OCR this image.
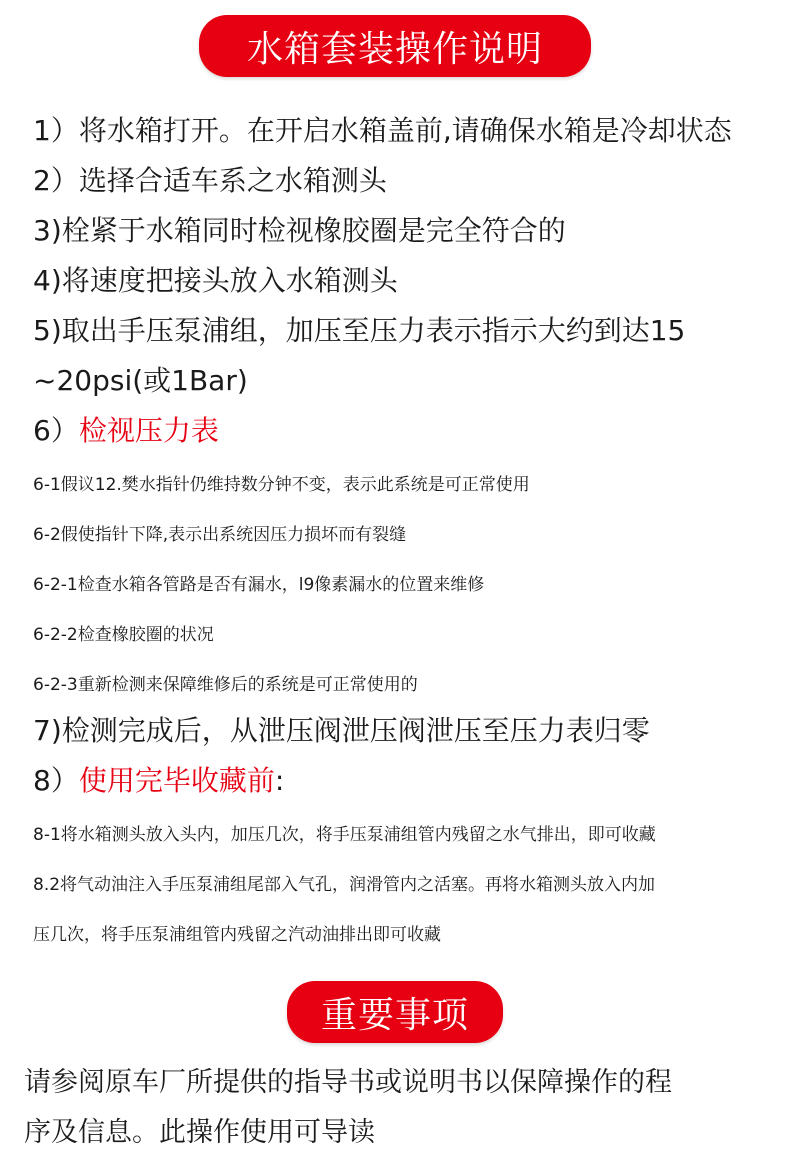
水箱套装操作说明
1）将水箱打开。在开启水箱盖前,请确保水箱是冷却状态
2）选择合适车系之水箱测头
3)栓紧于水箱同时检视橡胶圈是完全符合的
4)将速度把接头放入水箱测头
5)取出手压泵浦组，加压至压力表示指示大约到达15
~20psi(或1Bar)
6）检视压力表
6-1假议12.樊水指针仍维持数分钟不变，表示此系统是可正常使用
6-2假使指针下降,表示出系统因压力损坏而有裂缝
6-2-1检查水箱各管路是否有漏水，l9像素漏水的位置来维修
6-2-2检查橡胶圈的状况
6-2-3重新检测来保障维修后的系统是可正常使用的
7)检测完成后，从泄压阀泄压阀泄压至压力表归零
8）使用完毕收藏前:
8-1将水箱测头放入头内，加压几次，将手压泵浦组管内残留之水气排出，即可收藏
8.2将气动油注入手压泵浦组尾部入气孔，润滑管内之活塞。再将水箱测头放入内加
压几次，将手压泵浦组管内残留之汽动油排出即可收藏
重要事项
请参阅原车厂所提供的指导书或说明书以保障操作的程
序及信息。此操作使用可导读
